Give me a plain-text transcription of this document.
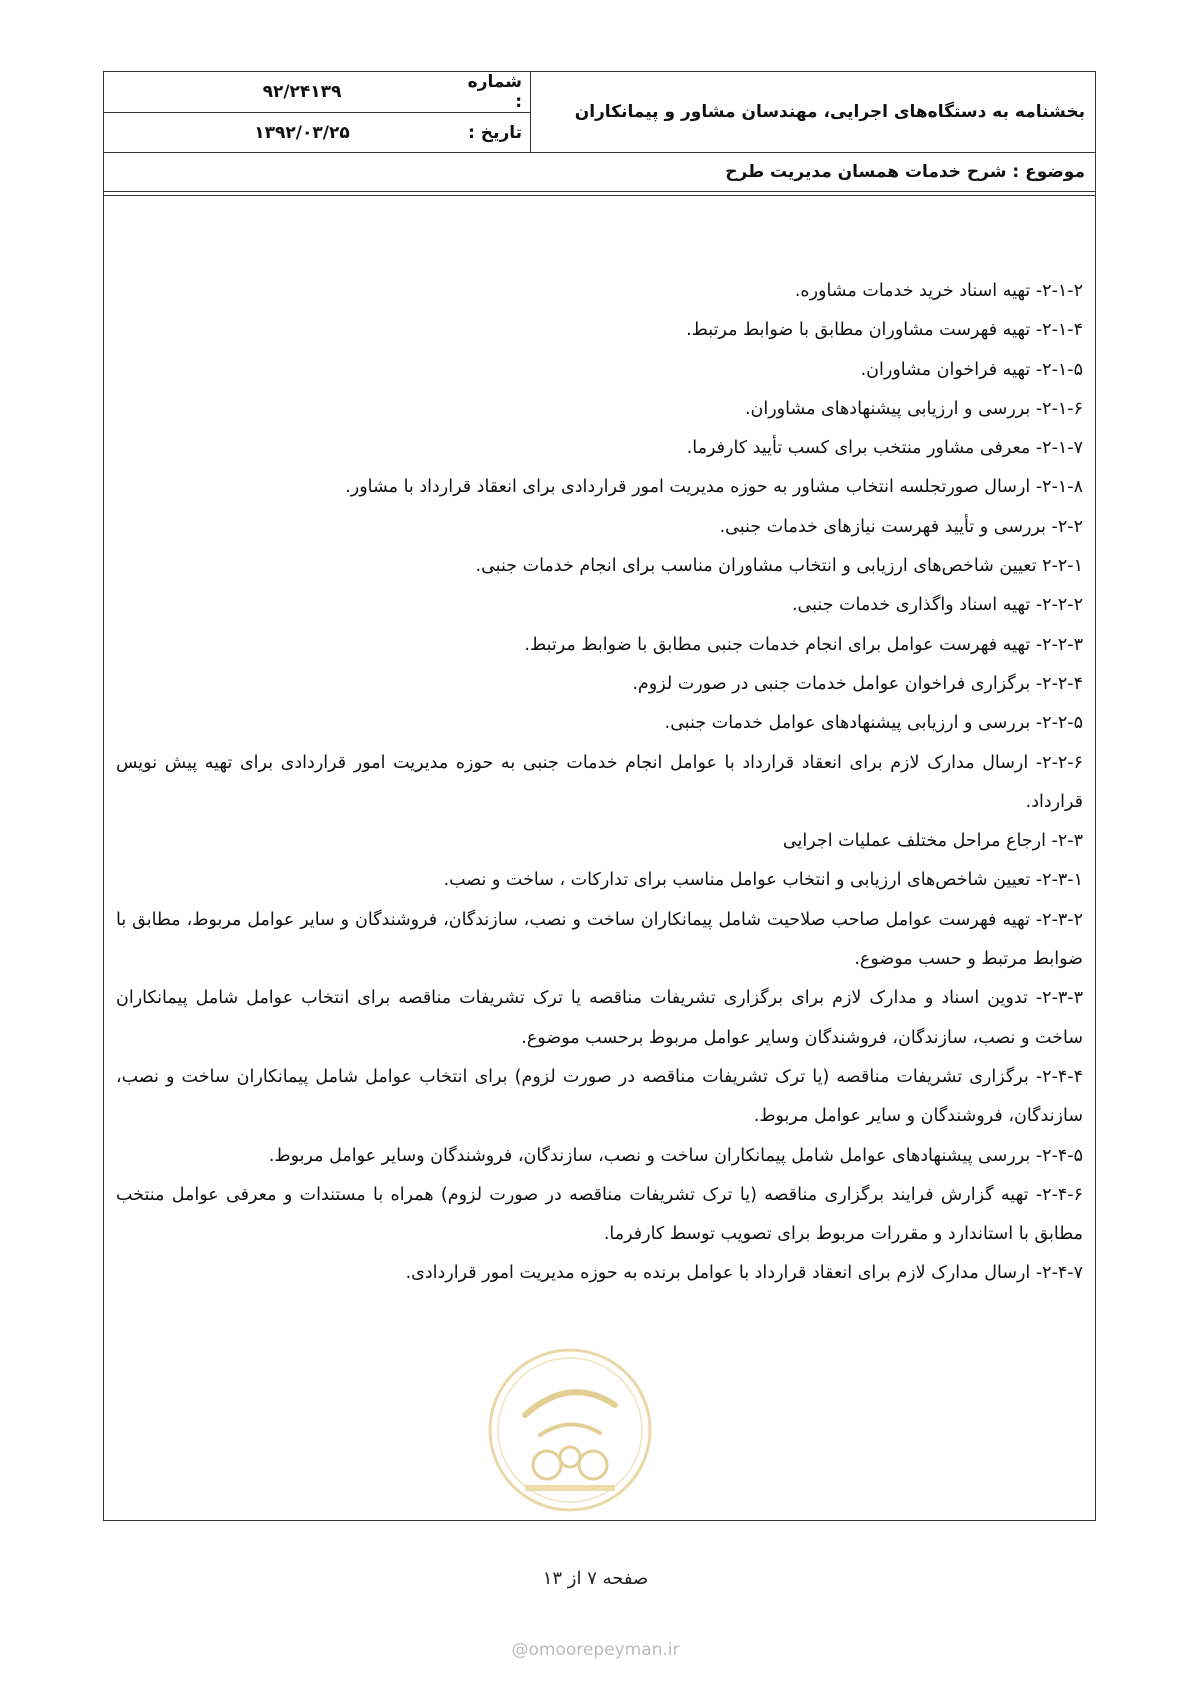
بخشنامه به دستگاه‌های اجرایی، مهندسان مشاور و پیمانکاران
شماره :
۹۲/۲۴۱۳۹
تاریخ :
۱۳۹۲/۰۳/۲۵
موضوع : شرح خدمات همسان مدیریت طرح

۲-۱-۲- تهیه اسناد خرید خدمات مشاوره.

۲-۱-۴- تهیه فهرست مشاوران مطابق با ضوابط مرتبط.

۲-۱-۵- تهیه فراخوان مشاوران.

۲-۱-۶- بررسی و ارزیابی پیشنهادهای مشاوران.

۲-۱-۷- معرفی مشاور منتخب برای کسب تأیید کارفرما.

۲-۱-۸- ارسال صورتجلسه انتخاب مشاور به حوزه مدیریت امور قراردادی برای انعقاد قرارداد با مشاور.

۲-۲- بررسی و تأیید فهرست نیازهای خدمات جنبی.

۲-۲-۱ تعیین شاخص‌های ارزیابی و انتخاب مشاوران مناسب برای انجام خدمات جنبی.

۲-۲-۲- تهیه اسناد واگذاری خدمات جنبی.

۲-۲-۳- تهیه فهرست عوامل برای انجام خدمات جنبی مطابق با ضوابط مرتبط.

۲-۲-۴- برگزاری فراخوان عوامل خدمات جنبی در صورت لزوم.

۲-۲-۵- بررسی و ارزیابی پیشنهادهای عوامل خدمات جنبی.

۲-۲-۶- ارسال مدارک لازم برای انعقاد قرارداد با عوامل انجام خدمات جنبی به حوزه مدیریت امور قراردادی برای تهیه پیش نویس قرارداد.

۲-۳- ارجاع مراحل مختلف عملیات اجرایی

۲-۳-۱- تعیین شاخص‌های ارزیابی و انتخاب عوامل مناسب برای تدارکات ، ساخت و نصب.

۲-۳-۲- تهیه فهرست عوامل صاحب صلاحیت شامل پیمانکاران ساخت و نصب، سازندگان، فروشندگان و سایر عوامل مربوط، مطابق با ضوابط مرتبط و حسب موضوع.

۲-۳-۳- تدوین اسناد و مدارک لازم برای برگزاری تشریفات مناقصه یا ترک تشریفات مناقصه برای انتخاب عوامل شامل پیمانکاران ساخت و نصب، سازندگان، فروشندگان وسایر عوامل مربوط برحسب موضوع.

۲-۴-۴- برگزاری تشریفات مناقصه (یا ترک تشریفات مناقصه در صورت لزوم) برای انتخاب عوامل شامل پیمانکاران ساخت و نصب، سازندگان، فروشندگان و سایر عوامل مربوط.

۲-۴-۵- بررسی پیشنهادهای عوامل شامل پیمانکاران ساخت و نصب، سازندگان، فروشندگان وسایر عوامل مربوط.

۲-۴-۶- تهیه گزارش فرایند برگزاری مناقصه (یا ترک تشریفات مناقصه در صورت لزوم) همراه با مستندات و معرفی عوامل منتخب مطابق با استاندارد و مقررات مربوط برای تصویب توسط کارفرما.

۲-۴-۷- ارسال مدارک لازم برای انعقاد قرارداد با عوامل برنده به حوزه مدیریت امور قراردادی.

صفحه ۷ از ۱۳
@omoorepeyman.ir
